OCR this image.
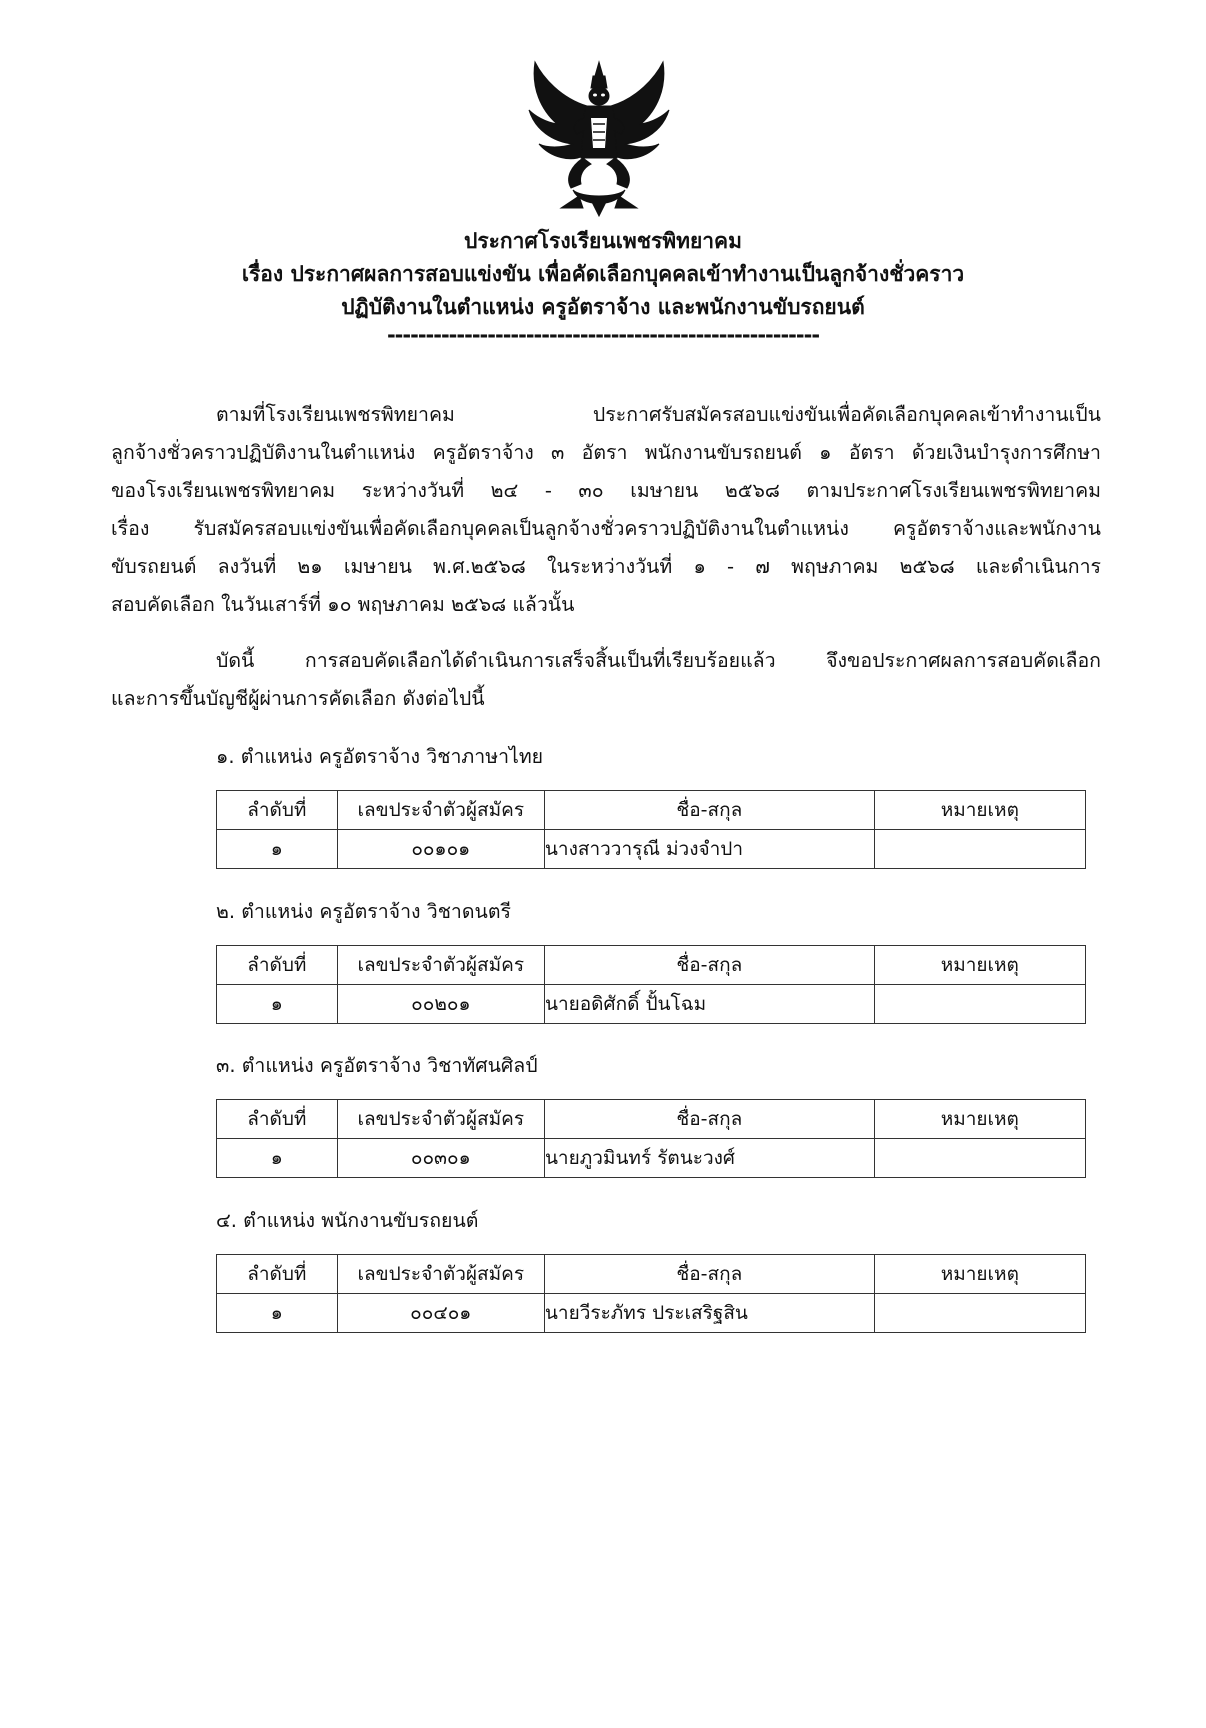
ประกาศโรงเรียนเพชรพิทยาคม
เรื่อง ประกาศผลการสอบแข่งขัน เพื่อคัดเลือกบุคคลเข้าทำงานเป็นลูกจ้างชั่วคราว
ปฏิบัติงานในตำแหน่ง ครูอัตราจ้าง และพนักงานขับรถยนต์
--------------------------------------------------------
ตามที่โรงเรียนเพชรพิทยาคม ประกาศรับสมัครสอบแข่งขันเพื่อคัดเลือกบุคคลเข้าทำงานเป็น
ลูกจ้างชั่วคราวปฏิบัติงานในตำแหน่ง ครูอัตราจ้าง ๓ อัตรา พนักงานขับรถยนต์ ๑ อัตรา ด้วยเงินบำรุงการศึกษา
ของโรงเรียนเพชรพิทยาคม ระหว่างวันที่ ๒๔ - ๓๐ เมษายน ๒๕๖๘ ตามประกาศโรงเรียนเพชรพิทยาคม
เรื่อง รับสมัครสอบแข่งขันเพื่อคัดเลือกบุคคลเป็นลูกจ้างชั่วคราวปฏิบัติงานในตำแหน่ง ครูอัตราจ้างและพนักงาน
ขับรถยนต์ ลงวันที่ ๒๑ เมษายน พ.ศ.๒๕๖๘ ในระหว่างวันที่ ๑ - ๗ พฤษภาคม ๒๕๖๘ และดำเนินการ
สอบคัดเลือก ในวันเสาร์ที่ ๑๐ พฤษภาคม ๒๕๖๘ แล้วนั้น
บัดนี้ การสอบคัดเลือกได้ดำเนินการเสร็จสิ้นเป็นที่เรียบร้อยแล้ว จึงขอประกาศผลการสอบคัดเลือก
และการขึ้นบัญชีผู้ผ่านการคัดเลือก ดังต่อไปนี้
๑. ตำแหน่ง ครูอัตราจ้าง วิชาภาษาไทย
ลำดับที่	เลขประจำตัวผู้สมัคร	ชื่อ-สกุล	หมายเหตุ
๑	๐๐๑๐๑	นางสาววารุณี ม่วงจำปา	
๒. ตำแหน่ง ครูอัตราจ้าง วิชาดนตรี
ลำดับที่	เลขประจำตัวผู้สมัคร	ชื่อ-สกุล	หมายเหตุ
๑	๐๐๒๐๑	นายอดิศักดิ์ ปั้นโฉม	
๓. ตำแหน่ง ครูอัตราจ้าง วิชาทัศนศิลป์
ลำดับที่	เลขประจำตัวผู้สมัคร	ชื่อ-สกุล	หมายเหตุ
๑	๐๐๓๐๑	นายภูวมินทร์ รัตนะวงศ์	
๔. ตำแหน่ง พนักงานขับรถยนต์
ลำดับที่	เลขประจำตัวผู้สมัคร	ชื่อ-สกุล	หมายเหตุ
๑	๐๐๔๐๑	นายวีระภัทร ประเสริฐสิน	
